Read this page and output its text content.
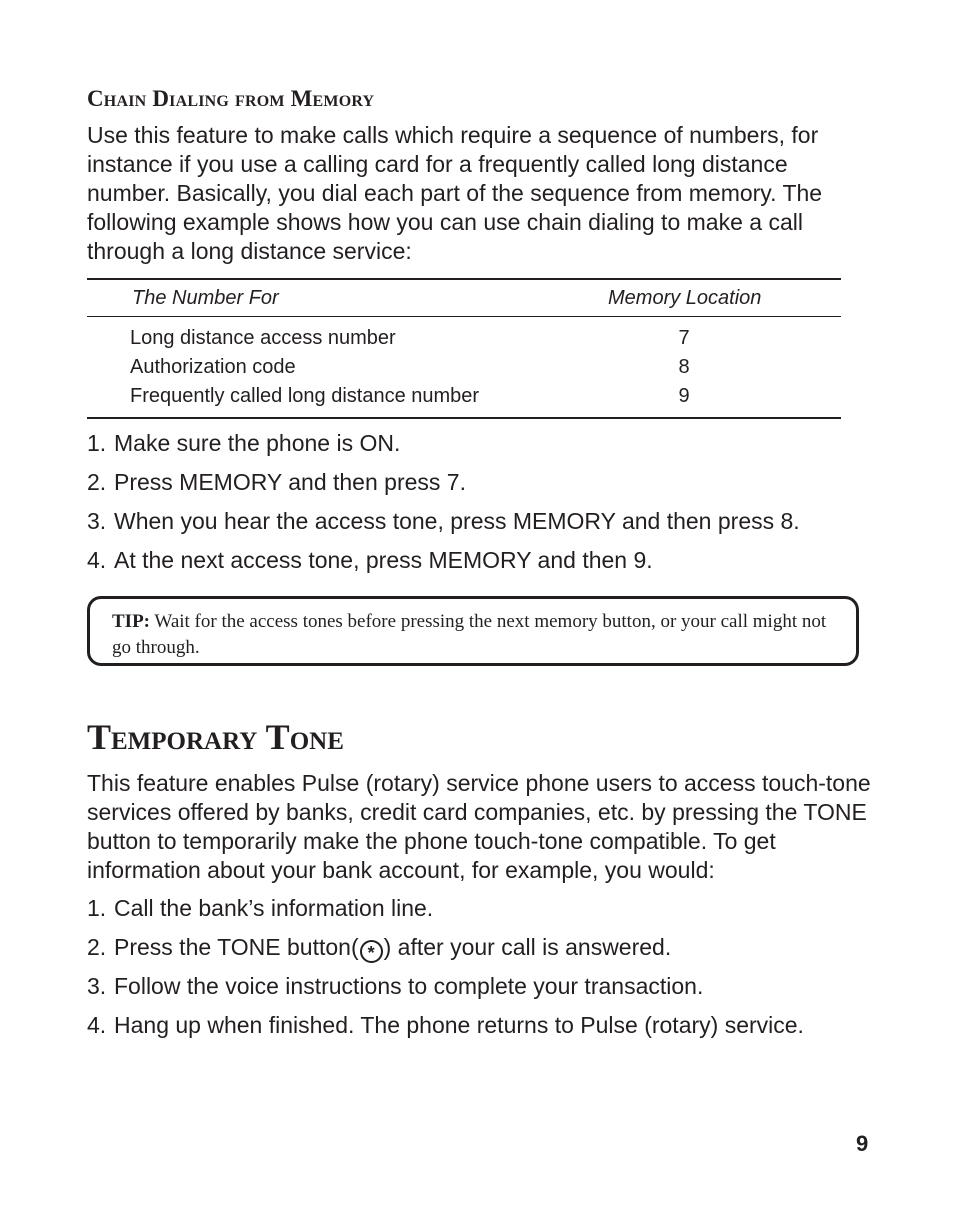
Chain Dialing from Memory

Use this feature to make calls which require a sequence of numbers, for instance if you use a calling card for a frequently called long distance number. Basically, you dial each part of the sequence from memory. The following example shows how you can use chain dialing to make a call through a long distance service:

The Number For	Memory Location
Long distance access number	7
Authorization code	8
Frequently called long distance number	9
1. Make sure the phone is ON.
2. Press MEMORY and then press 7.
3. When you hear the access tone, press MEMORY and then press 8.
4. At the next access tone, press MEMORY and then 9.

TIP: Wait for the access tones before pressing the next memory button, or your call might not go through.

Temporary Tone

This feature enables Pulse (rotary) service phone users to access touch-tone services offered by banks, credit card companies, etc. by pressing the TONE button to temporarily make the phone touch-tone compatible. To get information about your bank account, for example, you would:

1. Call the bank’s information line.
2. Press the TONE button( * ) after your call is answered.
3. Follow the voice instructions to complete your transaction.
4. Hang up when finished. The phone returns to Pulse (rotary) service.
9
